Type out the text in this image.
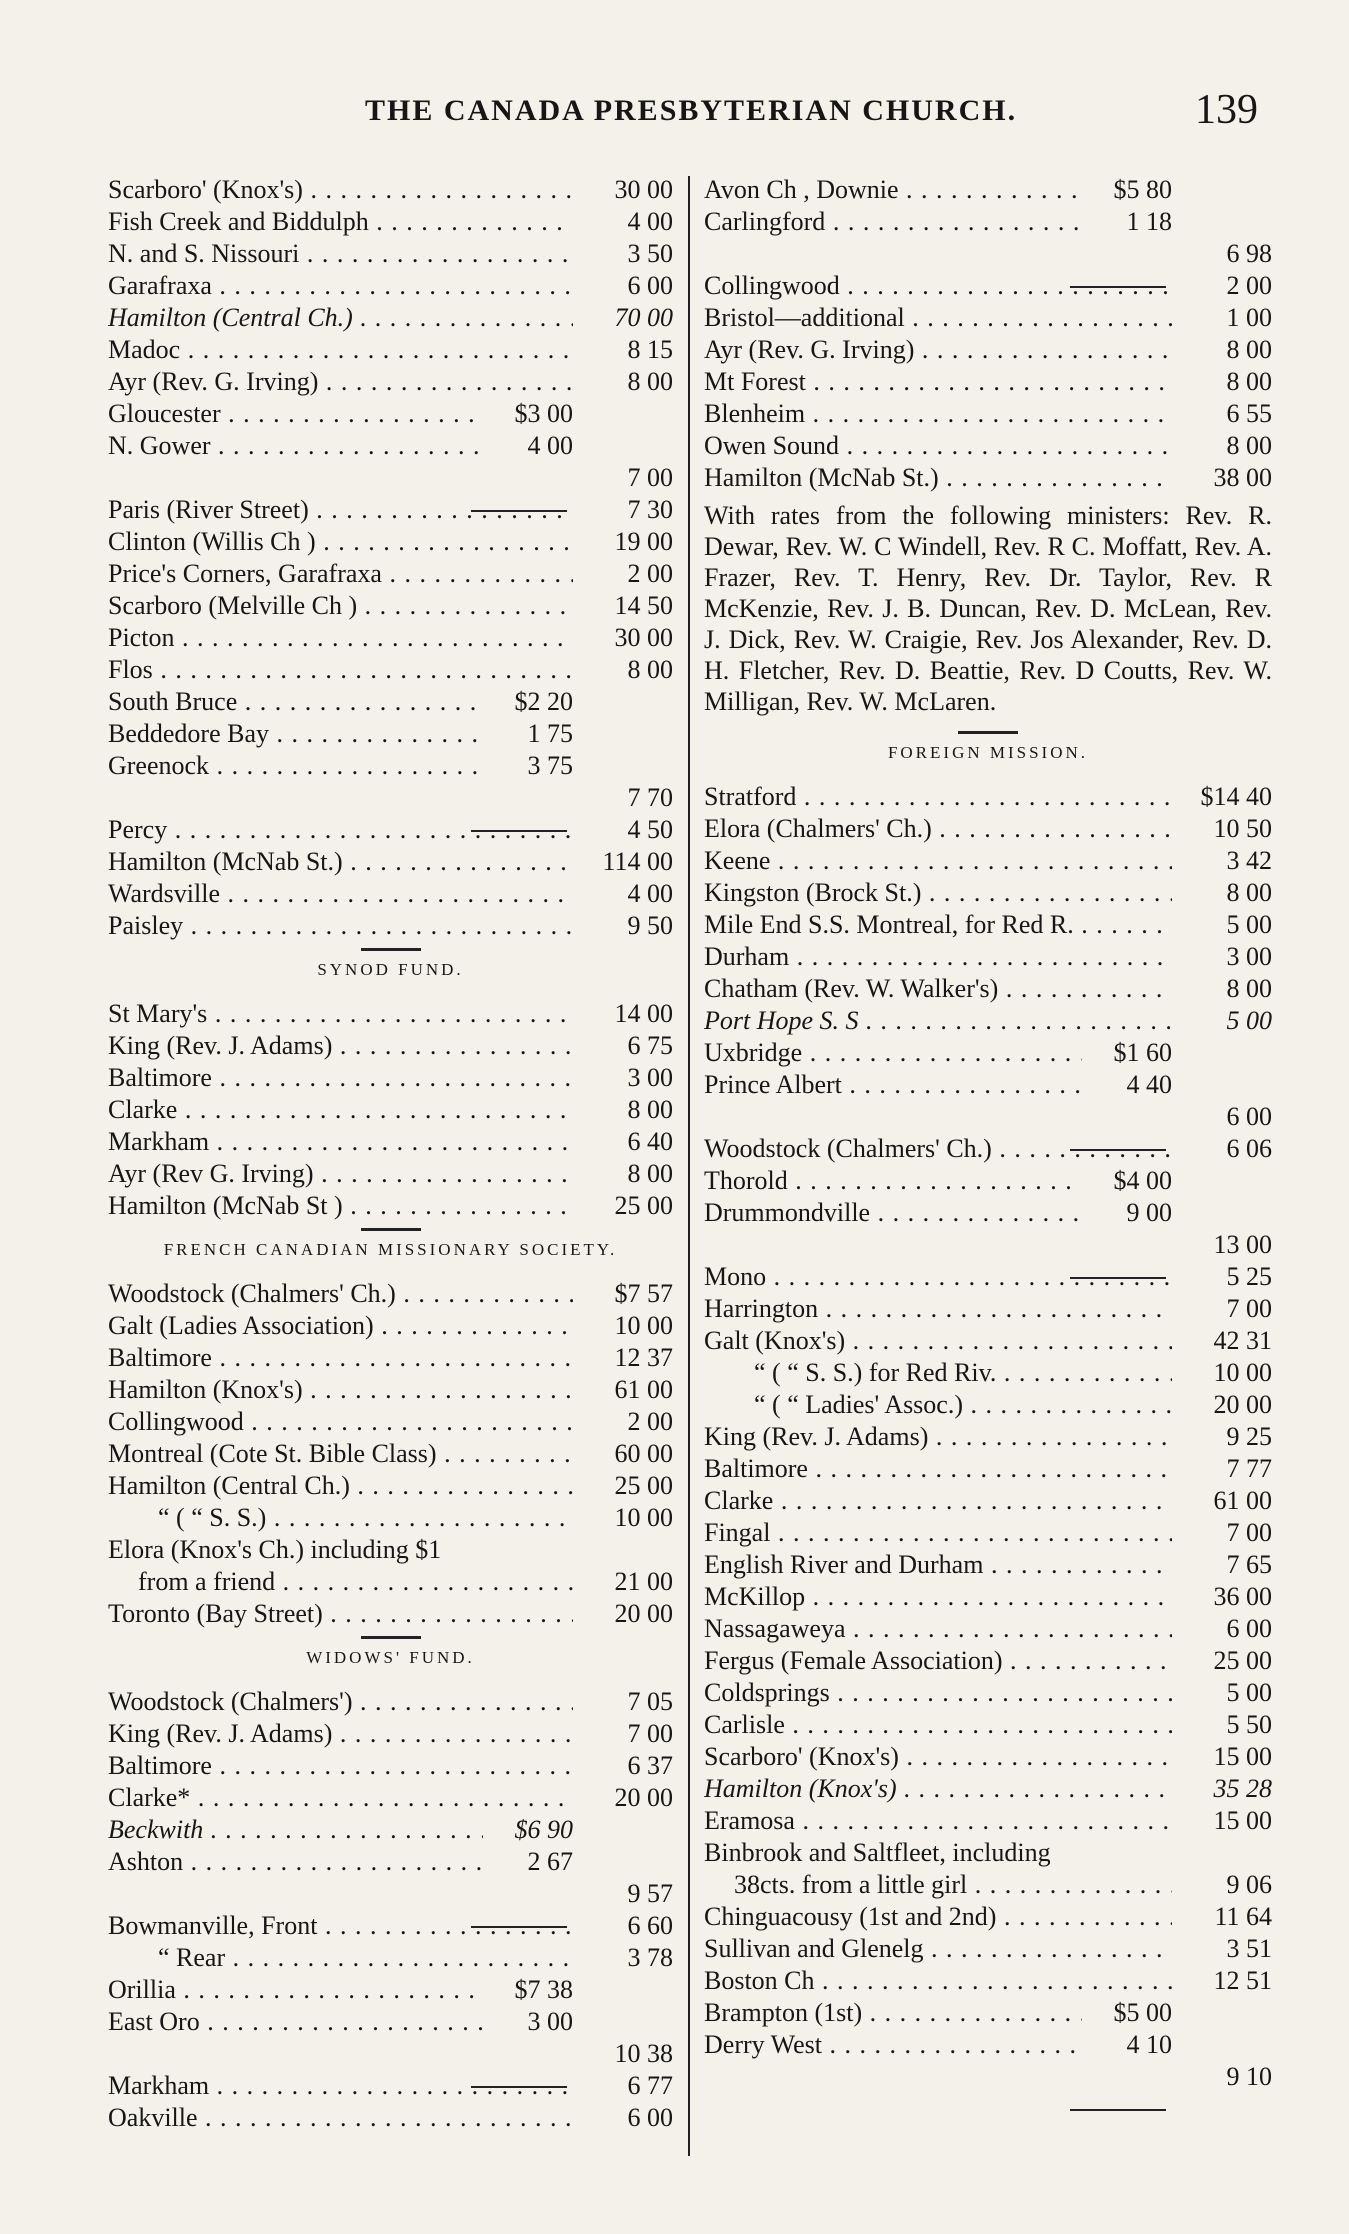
THE CANADA PRESBYTERIAN CHURCH.	139
Scarboro' (Knox's) . . .	30 00
Fish Creek and Biddulph . . .	4 00
N. and S. Nissouri . . .	3 50
Garafraxa . . .	6 00
Hamilton (Central Ch.) . . .	70 00
Madoc . . .	8 15
Ayr (Rev. G. Irving) . . .	8 00
Gloucester . . .	$3 00
N. Gower . . .	4 00
7 00
Paris (River Street) . . .	7 30
Clinton (Willis Ch ) . . .	19 00
Price's Corners, Garafraxa . . .	2 00
Scarboro (Melville Ch ) . . .	14 50
Picton . . .	30 00
Flos . . .	8 00
South Bruce . . .	$2 20
Beddedore Bay . . .	1 75
Greenock . . .	3 75
7 70
Percy . . .	4 50
Hamilton (McNab St.) . . .	114 00
Wardsville . . .	4 00
Paisley . . .	9 50
SYNOD FUND.
St Mary's . . .	14 00
King (Rev. J. Adams) . . .	6 75
Baltimore . . .	3 00
Clarke . . .	8 00
Markham . . .	6 40
Ayr (Rev G. Irving) . . .	8 00
Hamilton (McNab St ) . . .	25 00
FRENCH CANADIAN MISSIONARY SOCIETY.
Woodstock (Chalmers' Ch.) . . .	$7 57
Galt (Ladies Association) . . .	10 00
Baltimore . . .	12 37
Hamilton (Knox's) . . .	61 00
Collingwood . . .	2 00
Montreal (Cote St. Bible Class) . . .	60 00
Hamilton (Central Ch.) . . .	25 00
“ ( “ S. S.) . . .	10 00
Elora (Knox's Ch.) including $1
from a friend . . .	21 00
Toronto (Bay Street) . . .	20 00
WIDOWS' FUND.
Woodstock (Chalmers') . . .	7 05
King (Rev. J. Adams) . . .	7 00
Baltimore . . .	6 37
Clarke* . . .	20 00
Beckwith . . .	$6 90
Ashton . . .	2 67
9 57
Bowmanville, Front . . .	6 60
“ Rear . . .	3 78
Orillia . . .	$7 38
East Oro . . .	3 00
10 38
Markham . . .	6 77
Oakville . . .	6 00
Avon Ch , Downie . . .	$5 80
Carlingford . . .	1 18
6 98
Collingwood . . .	2 00
Bristol—additional . . .	1 00
Ayr (Rev. G. Irving) . . .	8 00
Mt Forest . . .	8 00
Blenheim . . .	6 55
Owen Sound . . .	8 00
Hamilton (McNab St.) . . .	38 00
With rates from the following ministers: Rev. R. Dewar, Rev. W. C Windell, Rev. R C. Moffatt, Rev. A. Frazer, Rev. T. Henry, Rev. Dr. Taylor, Rev. R McKenzie, Rev. J. B. Duncan, Rev. D. McLean, Rev. J. Dick, Rev. W. Craigie, Rev. Jos Alexander, Rev. D. H. Fletcher, Rev. D. Beattie, Rev. D Coutts, Rev. W. Milligan, Rev. W. McLaren.
FOREIGN MISSION.
Stratford . . .	$14 40
Elora (Chalmers' Ch.) . . .	10 50
Keene . . .	3 42
Kingston (Brock St.) . . .	8 00
Mile End S.S. Montreal, for Red R. . . .	5 00
Durham . . .	3 00
Chatham (Rev. W. Walker's) . . .	8 00
Port Hope S. S . . .	5 00
Uxbridge . . .	$1 60
Prince Albert . . .	4 40
6 00
Woodstock (Chalmers' Ch.) . . .	6 06
Thorold . . .	$4 00
Drummondville . . .	9 00
13 00
Mono . . .	5 25
Harrington . . .	7 00
Galt (Knox's) . . .	42 31
“ ( “ S. S.) for Red Riv. . . .	10 00
“ ( “ Ladies' Assoc.) . . .	20 00
King (Rev. J. Adams) . . .	9 25
Baltimore . . .	7 77
Clarke . . .	61 00
Fingal . . .	7 00
English River and Durham . . .	7 65
McKillop . . .	36 00
Nassagaweya . . .	6 00
Fergus (Female Association) . . .	25 00
Coldsprings . . .	5 00
Carlisle . . .	5 50
Scarboro' (Knox's) . . .	15 00
Hamilton (Knox's) . . .	35 28
Eramosa . . .	15 00
Binbrook and Saltfleet, including
38cts. from a little girl . . .	9 06
Chinguacousy (1st and 2nd) . . .	11 64
Sullivan and Glenelg . . .	3 51
Boston Ch . . .	12 51
Brampton (1st) . . .	$5 00
Derry West . . .	4 10
9 10
